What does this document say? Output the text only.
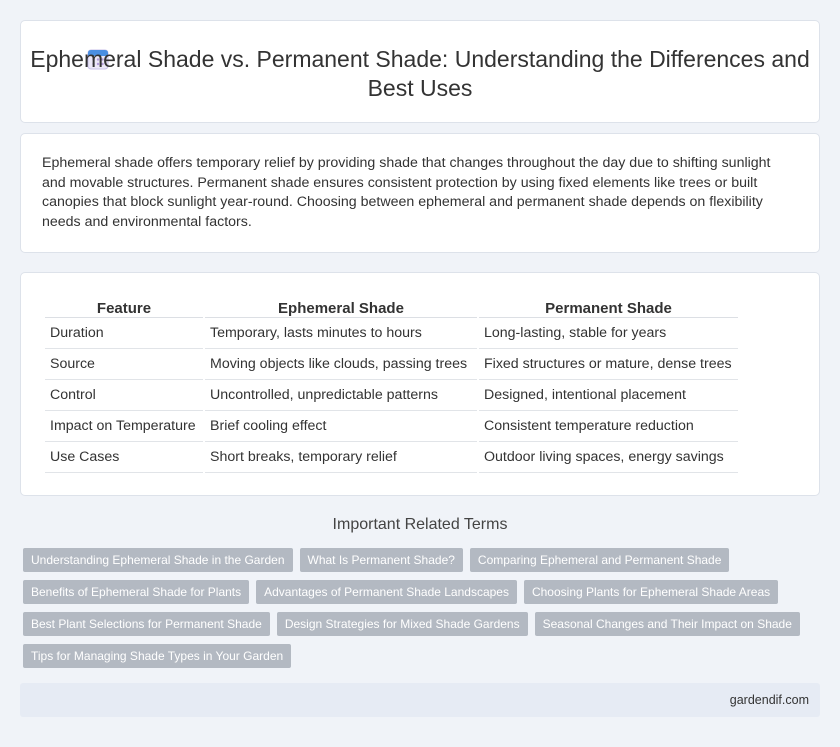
Ephemeral Shade vs. Permanent Shade: Understanding the Differences and Best Uses

Ephemeral shade offers temporary relief by providing shade that changes throughout the day due to shifting sunlight and movable structures. Permanent shade ensures consistent protection by using fixed elements like trees or built canopies that block sunlight year-round. Choosing between ephemeral and permanent shade depends on flexibility needs and environmental factors.

Feature	Ephemeral Shade	Permanent Shade
Duration	Temporary, lasts minutes to hours	Long-lasting, stable for years
Source	Moving objects like clouds, passing trees	Fixed structures or mature, dense trees
Control	Uncontrolled, unpredictable patterns	Designed, intentional placement
Impact on Temperature	Brief cooling effect	Consistent temperature reduction
Use Cases	Short breaks, temporary relief	Outdoor living spaces, energy savings
Important Related Terms
Understanding Ephemeral Shade in the Garden	What Is Permanent Shade?	Comparing Ephemeral and Permanent Shade
Benefits of Ephemeral Shade for Plants	Advantages of Permanent Shade Landscapes	Choosing Plants for Ephemeral Shade Areas
Best Plant Selections for Permanent Shade	Design Strategies for Mixed Shade Gardens	Seasonal Changes and Their Impact on Shade
Tips for Managing Shade Types in Your Garden
gardendif.com
